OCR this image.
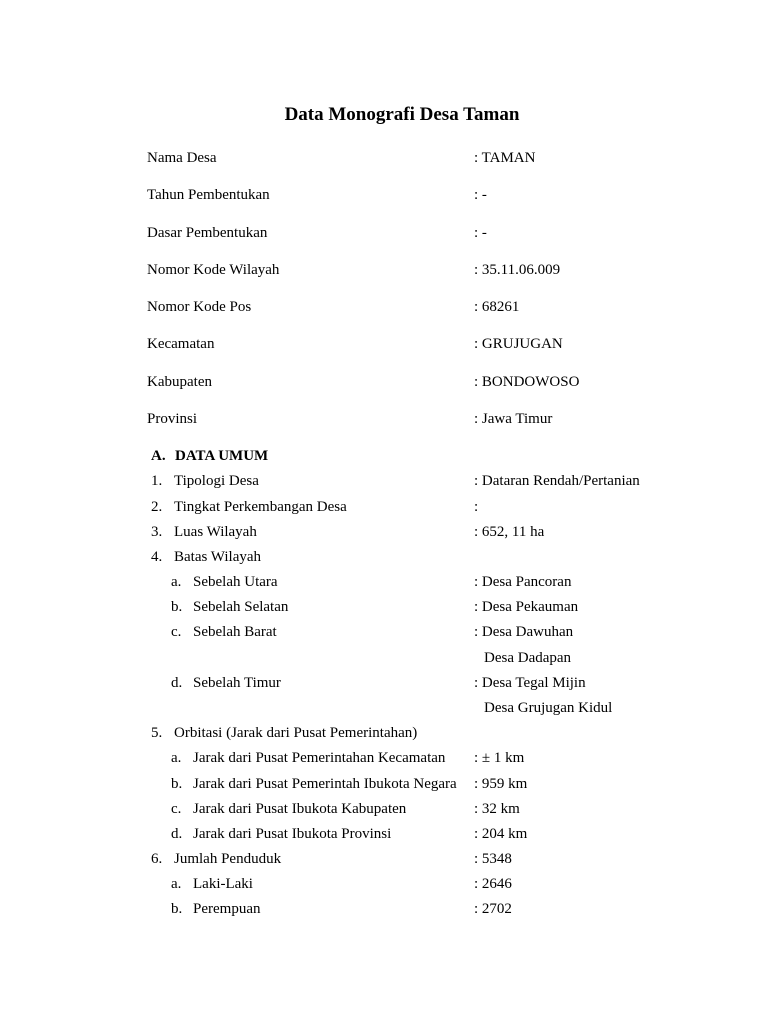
Data Monografi Desa Taman
Nama Desa	: TAMAN
Tahun Pembentukan	: -
Dasar Pembentukan	: -
Nomor Kode Wilayah	: 35.11.06.009
Nomor Kode Pos	: 68261
Kecamatan	: GRUJUGAN
Kabupaten	: BONDOWOSO
Provinsi	: Jawa Timur
A. DATA UMUM
1. Tipologi Desa	: Dataran Rendah/Pertanian
2. Tingkat Perkembangan Desa	:
3. Luas Wilayah	: 652, 11 ha
4. Batas Wilayah
a. Sebelah Utara	: Desa Pancoran
b. Sebelah Selatan	: Desa Pekauman
c. Sebelah Barat	: Desa Dawuhan
Desa Dadapan
d. Sebelah Timur	: Desa Tegal Mijin
Desa Grujugan Kidul
5. Orbitasi (Jarak dari Pusat Pemerintahan)
a. Jarak dari Pusat Pemerintahan Kecamatan : ± 1 km
b. Jarak dari Pusat Pemerintah Ibukota Negara : 959 km
c. Jarak dari Pusat Ibukota Kabupaten	: 32 km
d. Jarak dari Pusat Ibukota Provinsi	: 204 km
6. Jumlah Penduduk	: 5348
a. Laki-Laki	: 2646
b. Perempuan	: 2702
